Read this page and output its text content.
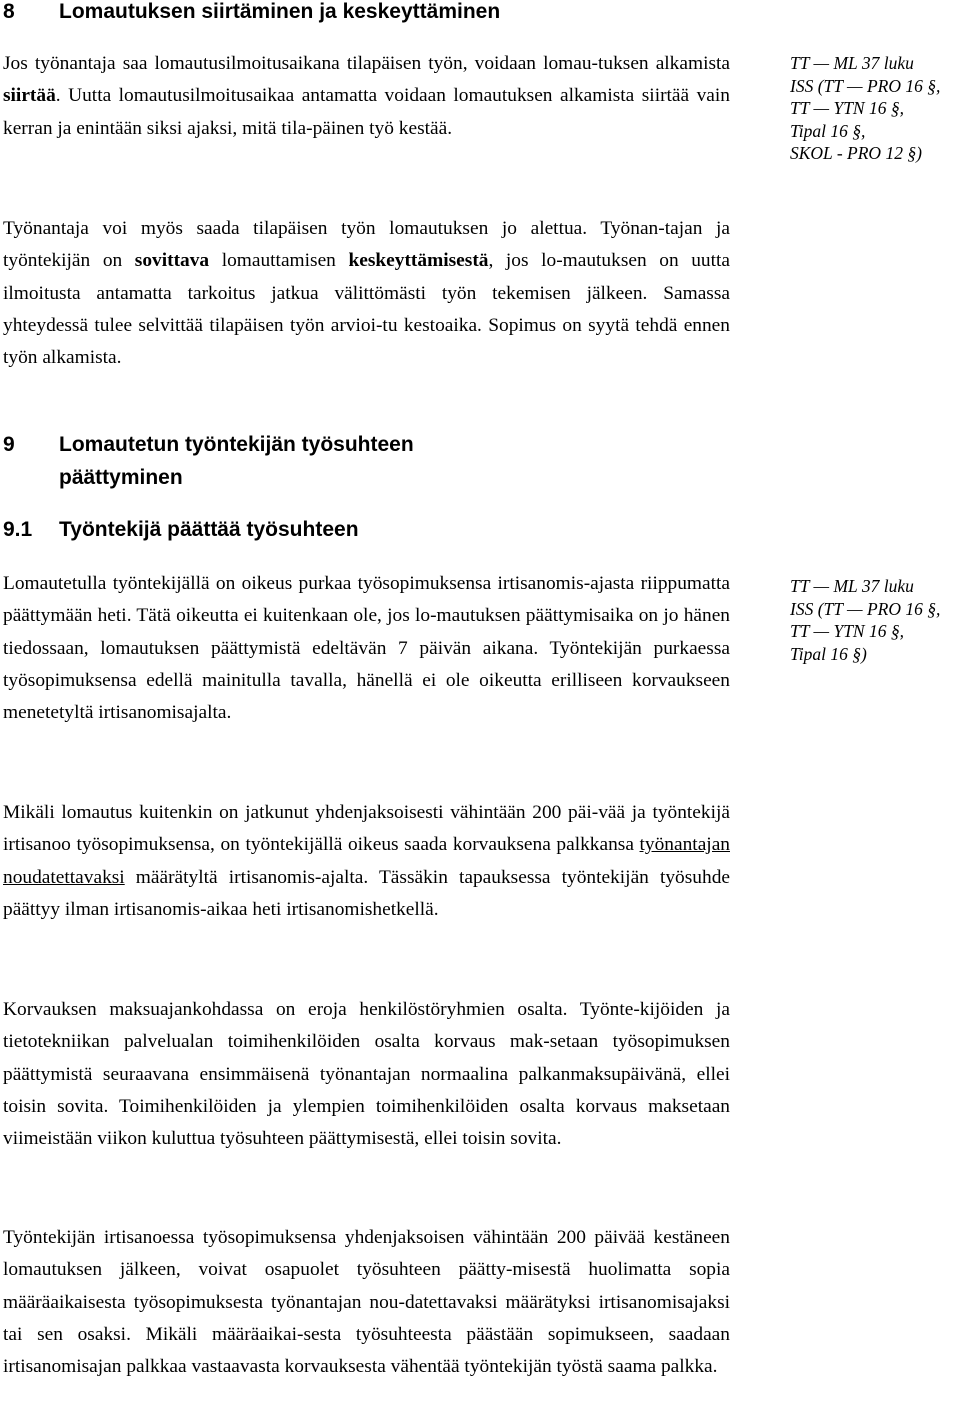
8 Lomautuksen siirtäminen ja keskeyttäminen

Jos työnantaja saa lomautusilmoitusaikana tilapäisen työn, voidaan lomau-tuksen alkamista siirtää. Uutta lomautusilmoitusaikaa antamatta voidaan lomautuksen alkamista siirtää vain kerran ja enintään siksi ajaksi, mitä tila-päinen työ kestää.

TT — ML 37 luku
ISS (TT — PRO 16 §,
TT — YTN 16 §,
Tipal 16 §,
SKOL - PRO 12 §)

Työnantaja voi myös saada tilapäisen työn lomautuksen jo alettua. Työnan-tajan ja työntekijän on sovittava lomauttamisen keskeyttämisestä, jos lo-mautuksen on uutta ilmoitusta antamatta tarkoitus jatkua välittömästi työn tekemisen jälkeen. Samassa yhteydessä tulee selvittää tilapäisen työn arvioi-tu kestoaika. Sopimus on syytä tehdä ennen työn alkamista.

9 Lomautetun työntekijän työsuhteen
päättyminen
9.1 Työntekijä päättää työsuhteen

Lomautetulla työntekijällä on oikeus purkaa työsopimuksensa irtisanomis-ajasta riippumatta päättymään heti. Tätä oikeutta ei kuitenkaan ole, jos lo-mautuksen päättymisaika on jo hänen tiedossaan, lomautuksen päättymistä edeltävän 7 päivän aikana. Työntekijän purkaessa työsopimuksensa edellä mainitulla tavalla, hänellä ei ole oikeutta erilliseen korvaukseen menetetyltä irtisanomisajalta.

TT — ML 37 luku
ISS (TT — PRO 16 §,
TT — YTN 16 §,
Tipal 16 §)

Mikäli lomautus kuitenkin on jatkunut yhdenjaksoisesti vähintään 200 päi-vää ja työntekijä irtisanoo työsopimuksensa, on työntekijällä oikeus saada korvauksena palkkansa työnantajan noudatettavaksi määrätyltä irtisanomis-ajalta. Tässäkin tapauksessa työntekijän työsuhde päättyy ilman irtisanomis-aikaa heti irtisanomishetkellä.

Korvauksen maksuajankohdassa on eroja henkilöstöryhmien osalta. Työnte-kijöiden ja tietotekniikan palvelualan toimihenkilöiden osalta korvaus mak-setaan työsopimuksen päättymistä seuraavana ensimmäisenä työnantajan normaalina palkanmaksupäivänä, ellei toisin sovita. Toimihenkilöiden ja ylempien toimihenkilöiden osalta korvaus maksetaan viimeistään viikon kuluttua työsuhteen päättymisestä, ellei toisin sovita.

Työntekijän irtisanoessa työsopimuksensa yhdenjaksoisen vähintään 200 päivää kestäneen lomautuksen jälkeen, voivat osapuolet työsuhteen päätty-misestä huolimatta sopia määräaikaisesta työsopimuksesta työnantajan nou-datettavaksi määrätyksi irtisanomisajaksi tai sen osaksi. Mikäli määräaikai-sesta työsuhteesta päästään sopimukseen, saadaan irtisanomisajan palkkaa vastaavasta korvauksesta vähentää työntekijän työstä saama palkka.
